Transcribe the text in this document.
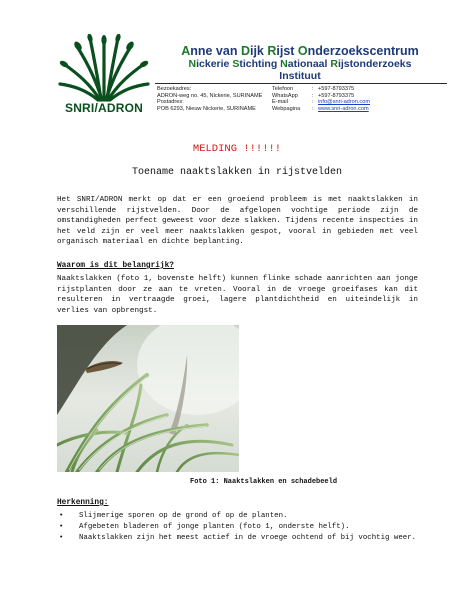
SNRI/ADRON
Anne van Dijk Rijst Onderzoekscentrum
Nickerie Stichting Nationaal Rijstonderzoeks
Instituut
Bezoekadres:
ADRON-weg no. 45, Nickerie, SURINAME
Postadres:
POB 6293, Nieuw Nickerie, SURINAME
Telefoon	: +597-8793375
WhatsApp	: +597-8793375
E-mail	: info@snri-adron.com
Webpagina	: www.snri-adron.com
MELDING !!!!!!
Toename naaktslakken in rijstvelden

Het SNRI/ADRON merkt op dat er een groeiend probleem is met naaktslakken in verschillende rijstvelden. Door de afgelopen vochtige periode zijn de omstandigheden perfect geweest voor deze slakken. Tijdens recente inspecties in het veld zijn er veel meer naaktslakken gespot, vooral in gebieden met veel organisch materiaal en dichte beplanting.

Waarom is dit belangrijk?

Naaktslakken (foto 1, bovenste helft) kunnen flinke schade aanrichten aan jonge rijstplanten door ze aan te vreten. Vooral in de vroege groeifases kan dit resulteren in vertraagde groei, lagere plantdichtheid en uiteindelijk in verlies van opbrengst.

Foto 1: Naaktslakken en schadebeeld
Herkenning:
• Slijmerige sporen op de grond of op de planten.
• Afgebeten bladeren of jonge planten (foto 1, onderste helft).
• Naaktslakken zijn het meest actief in de vroege ochtend of bij vochtig weer.
